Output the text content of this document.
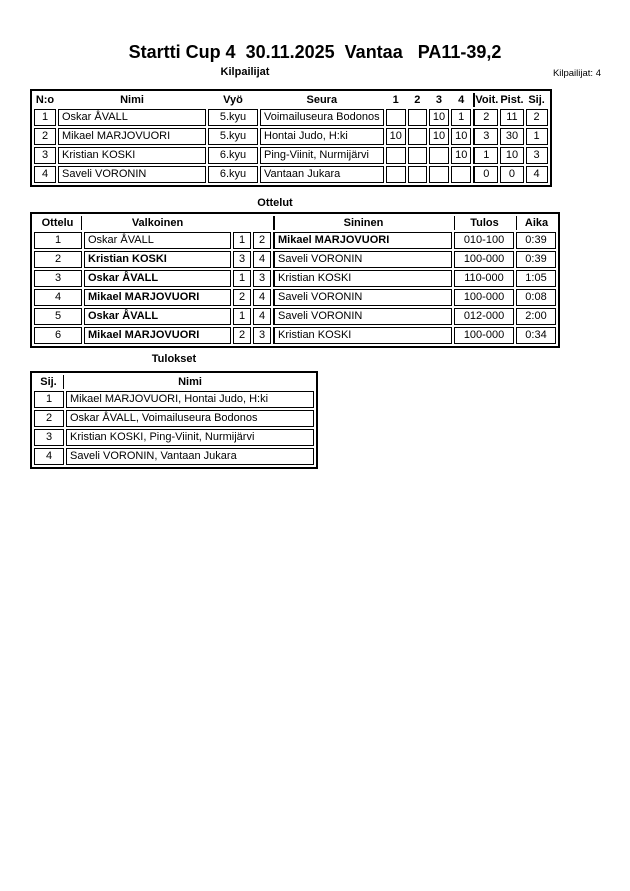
Startti Cup 4  30.11.2025  Vantaa   PA11-39,2
Kilpailijat	Kilpailijat: 4
N:o	Nimi	Vyö	Seura	1	2	3	4	Voit.	Pist.	Sij.
1	Oskar ÅVALL	5.kyu	Voimailuseura Bodonos			10	1	2	11	2
2	Mikael MARJOVUORI	5.kyu	Hontai Judo, H:ki	10		10	10	3	30	1
3	Kristian KOSKI	6.kyu	Ping-Viinit, Nurmijärvi				10	1	10	3
4	Saveli VORONIN	6.kyu	Vantaan Jukara					0	0	4
Ottelut
Ottelu	Valkoinen			Sininen	Tulos	Aika
1	Oskar ÅVALL	1	2	Mikael MARJOVUORI	010-100	0:39
2	Kristian KOSKI	3	4	Saveli VORONIN	100-000	0:39
3	Oskar ÅVALL	1	3	Kristian KOSKI	110-000	1:05
4	Mikael MARJOVUORI	2	4	Saveli VORONIN	100-000	0:08
5	Oskar ÅVALL	1	4	Saveli VORONIN	012-000	2:00
6	Mikael MARJOVUORI	2	3	Kristian KOSKI	100-000	0:34
Tulokset
Sij.	Nimi
1	Mikael MARJOVUORI, Hontai Judo, H:ki
2	Oskar ÅVALL, Voimailuseura Bodonos
3	Kristian KOSKI, Ping-Viinit, Nurmijärvi
4	Saveli VORONIN, Vantaan Jukara
